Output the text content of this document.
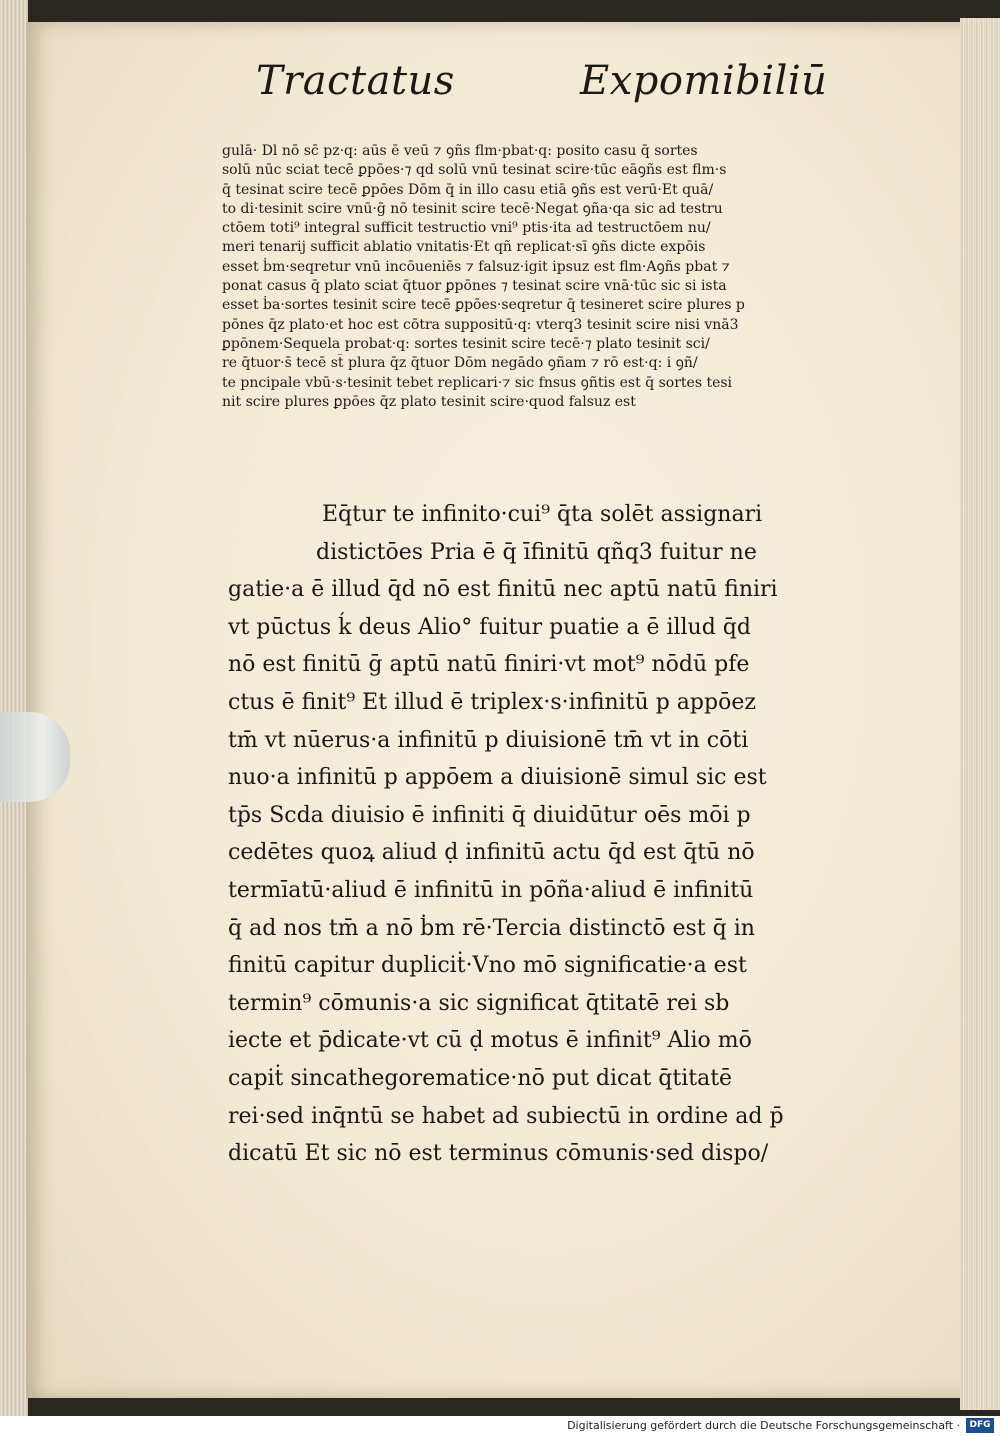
Tractatus	Expomibiliū

gulā· Dl nō sc̄ pz·q: aūs ē veū ⁊ ꝯñs flm·pbat·q: posito casu q̄ sortes
solū nūc sciat tecē ꝑpōes·⁊ qd solū vnū tesinat scire·tūc eāꝯñs est flm·s
q̄ tesinat scire tecē ꝑpōes Dōm q̄ in illo casu etiā ꝯñs est verū·Et quā/
to di·tesinit scire vnū·ḡ nō tesinit scire tecē·Negat ꝯña·qa sic ad testru
ctōem toti⁹ integral sufficit testructio vni⁹ ptis·ita ad testructōem nu/
meri tenarij sufficit ablatio vnitatis·Et qñ replicat·sī ꝯñs dicte expōis
esset ḃm·seqretur vnū incōueniēs ⁊ falsuz·igit ipsuz est flm·Aꝯñs pbat ⁊
ponat casus q̄ plato sciat q̄tuor ꝑpōnes ⁊ tesinat scire vnā·tūc sic si ista
esset ḃa·sortes tesinit scire tecē ꝑpōes·seqretur q̄ tesineret scire plures p
pōnes q̄z plato·et hoc est cōtra suppositū·q: vterq3 tesinit scire nisi vnā3
ꝑpōnem·Sequela probat·q: sortes tesinit scire tecē·⁊ plato tesinit sci/
re q̄tuor·s̄ tecē st̄ plura q̄z q̄tuor Dōm negādo ꝯñam ⁊ rō est·q: i ꝯñ/
te pncipale vbū·s·tesinit tebet replicari·⁊ sic fnsus ꝯñtis est q̄ sortes tesi
nit scire plures ꝑpōes q̄z plato tesinit scire·quod falsuz est
Eq̄tur te infinito·cui⁹ q̄ta solēt assignari
distictōes Pria ē q̄ īfinitū qñq3 fuitur ne
gatie·a ē illud q̄d nō est finitū nec aptū natū finiri
vt pūctus ḱ deus Alio° fuitur puatie a ē illud q̄d
nō est finitū ḡ aptū natū finiri·vt mot⁹ nōdū pfe
ctus ē finit⁹ Et illud ē triplex·s·infinitū p appōez
tm̄ vt nūerus·a infinitū p diuisionē tm̄ vt in cōti
nuo·a infinitū p appōem a diuisionē simul sic est
tp̄s Scda diuisio ē infiniti q̄ diuidūtur oēs mōi p
cedētes quoꝝ aliud ḍ infinitū actu q̄d est q̄tū nō
termīatū·aliud ē infinitū in pōña·aliud ē infinitū
q̄ ad nos tm̄ a nō ḃm rē·Tercia distinctō est q̄ in
finitū capitur dupliciṫ·Vno mō significatie·a est
termin⁹ cōmunis·a sic significat q̄titatē rei sb
iecte et p̄dicate·vt cū ḍ motus ē infinit⁹ Alio mō
capiṫ sincathegorematice·nō put dicat q̄titatē
rei·sed inq̄ntū se habet ad subiectū in ordine ad p̄
dicatū Et sic nō est terminus cōmunis·sed dispo/
Digitalisierung gefördert durch die Deutsche Forschungsgemeinschaft ·	DFG
